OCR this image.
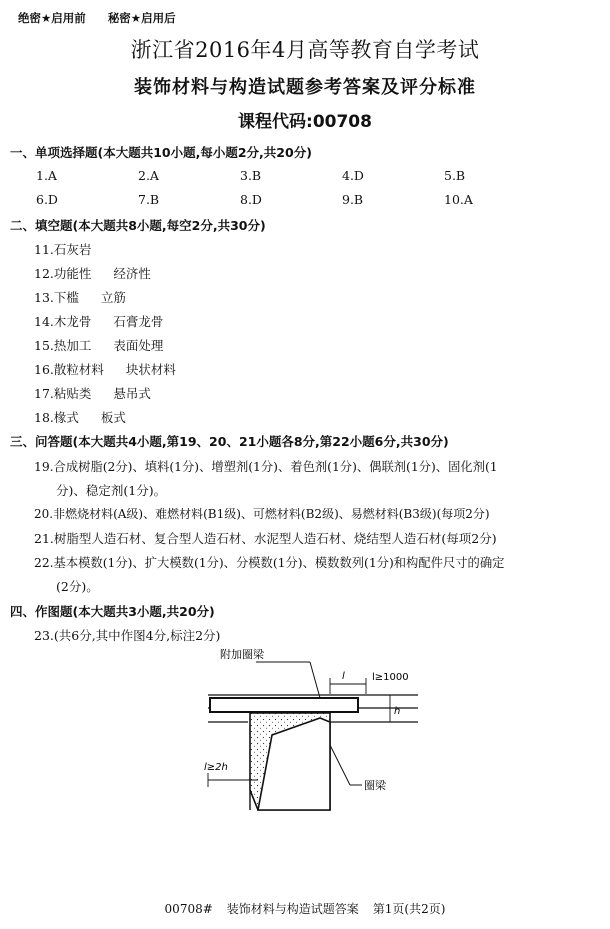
绝密★启用前 秘密★启用后
浙江省2016年4月高等教育自学考试
装饰材料与构造试题参考答案及评分标准
课程代码:00708
一、单项选择题(本大题共10小题,每小题2分,共20分)
1.A	2.A	3.B	4.D	5.B
6.D	7.B	8.D	9.B	10.A
二、填空题(本大题共8小题,每空2分,共30分)
11.石灰岩
12.功能性 经济性
13.下槛 立筋
14.木龙骨 石膏龙骨
15.热加工 表面处理
16.散粒材料 块状材料
17.粘贴类 悬吊式
18.椽式 板式
三、问答题(本大题共4小题,第19、20、21小题各8分,第22小题6分,共30分)
19.合成树脂(2分)、填料(1分)、增塑剂(1分)、着色剂(1分)、偶联剂(1分)、固化剂(1
分)、稳定剂(1分)。
20.非燃烧材料(A级)、难燃材料(B1级)、可燃材料(B2级)、易燃材料(B3级)(每项2分)
21.树脂型人造石材、复合型人造石材、水泥型人造石材、烧结型人造石材(每项2分)
22.基本模数(1分)、扩大模数(1分)、分模数(1分)、模数数列(1分)和构配件尺寸的确定
(2分)。
四、作图题(本大题共3小题,共20分)
23.(共6分,其中作图4分,标注2分)
附加圈梁
l	l≥1000
h
l≥2h
圈梁
00708# 装饰材料与构造试题答案 第1页(共2页)
